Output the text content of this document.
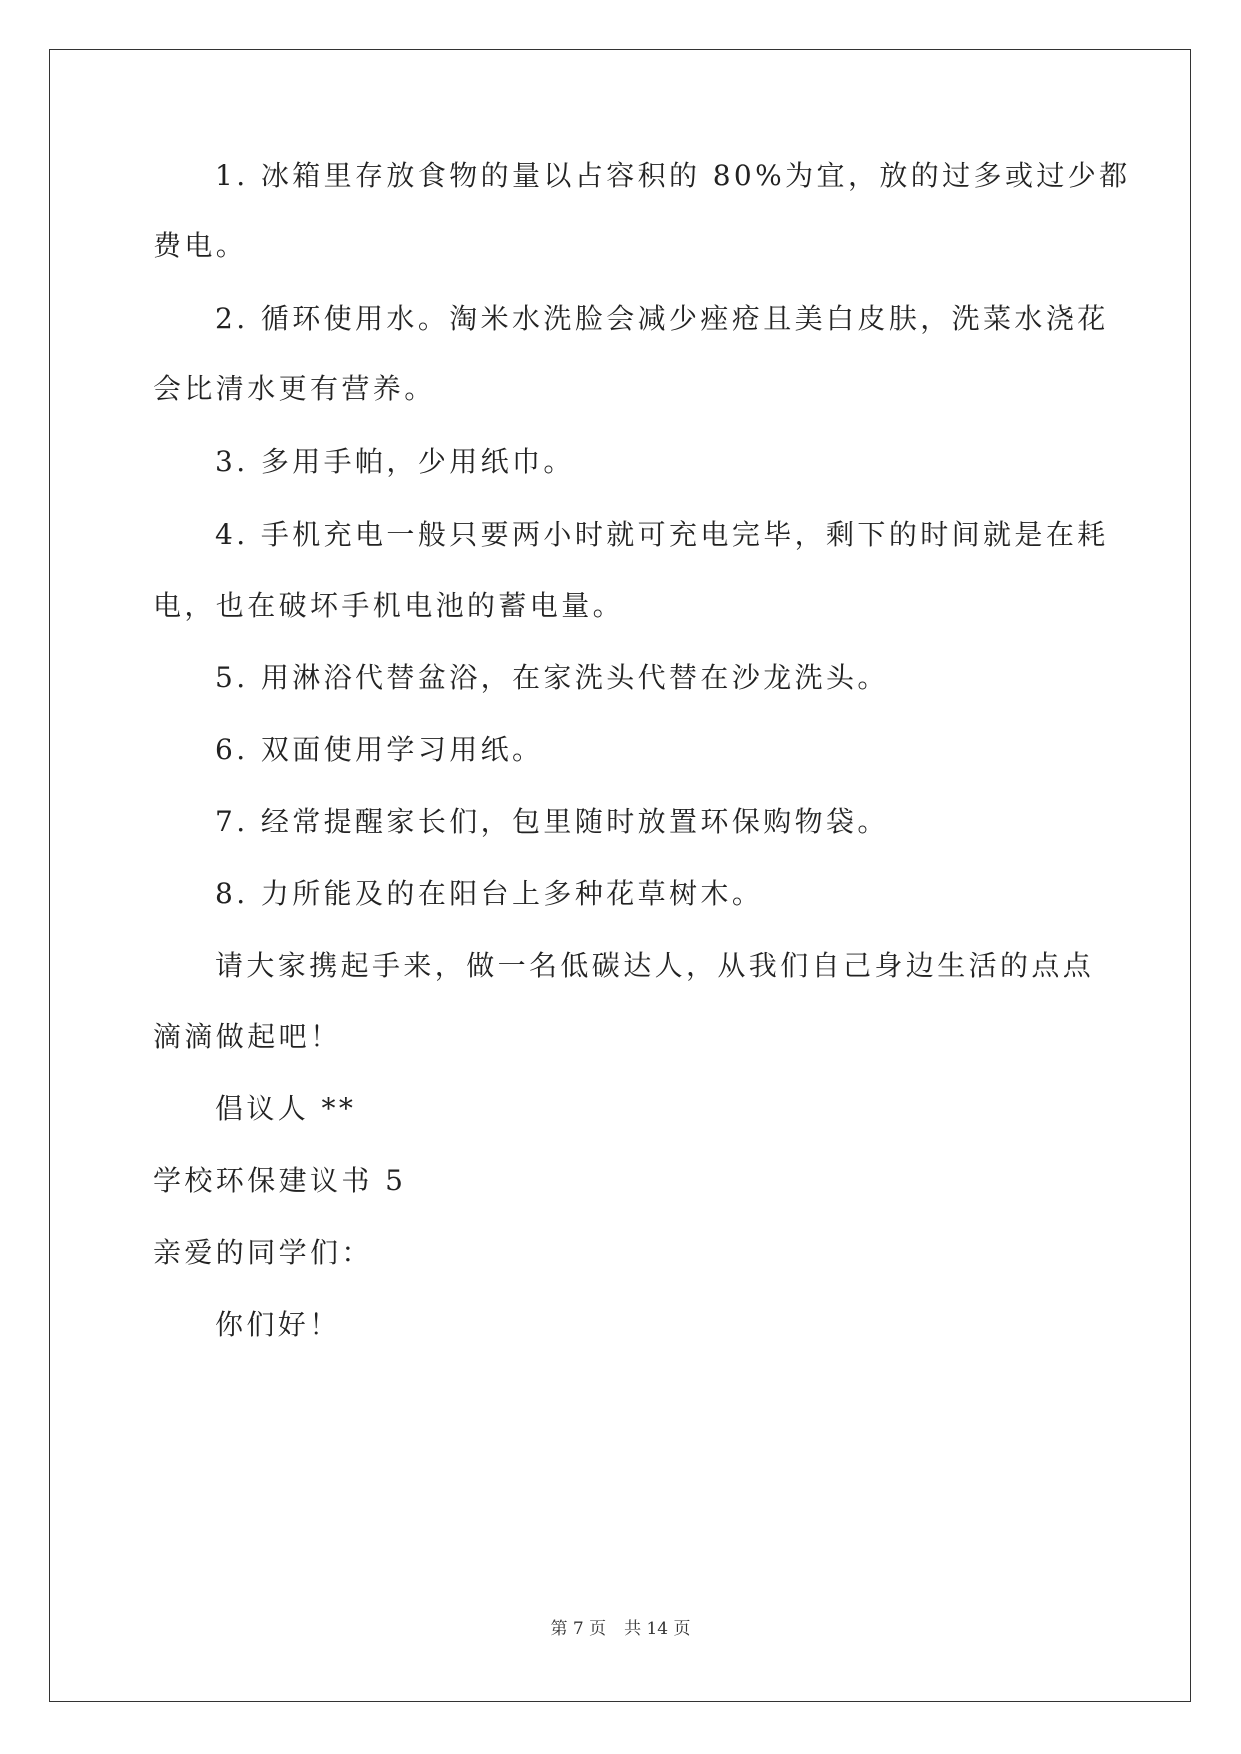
1. 冰箱里存放食物的量以占容积的 80%为宜，放的过多或过少都
费电。
2. 循环使用水。淘米水洗脸会减少痤疮且美白皮肤，洗菜水浇花
会比清水更有营养。
3. 多用手帕，少用纸巾。
4. 手机充电一般只要两小时就可充电完毕，剩下的时间就是在耗
电，也在破坏手机电池的蓄电量。
5. 用淋浴代替盆浴，在家洗头代替在沙龙洗头。
6. 双面使用学习用纸。
7. 经常提醒家长们，包里随时放置环保购物袋。
8. 力所能及的在阳台上多种花草树木。
请大家携起手来，做一名低碳达人，从我们自己身边生活的点点
滴滴做起吧！
倡议人 **
学校环保建议书 5
亲爱的同学们：
你们好！
第 7 页 共 14 页
